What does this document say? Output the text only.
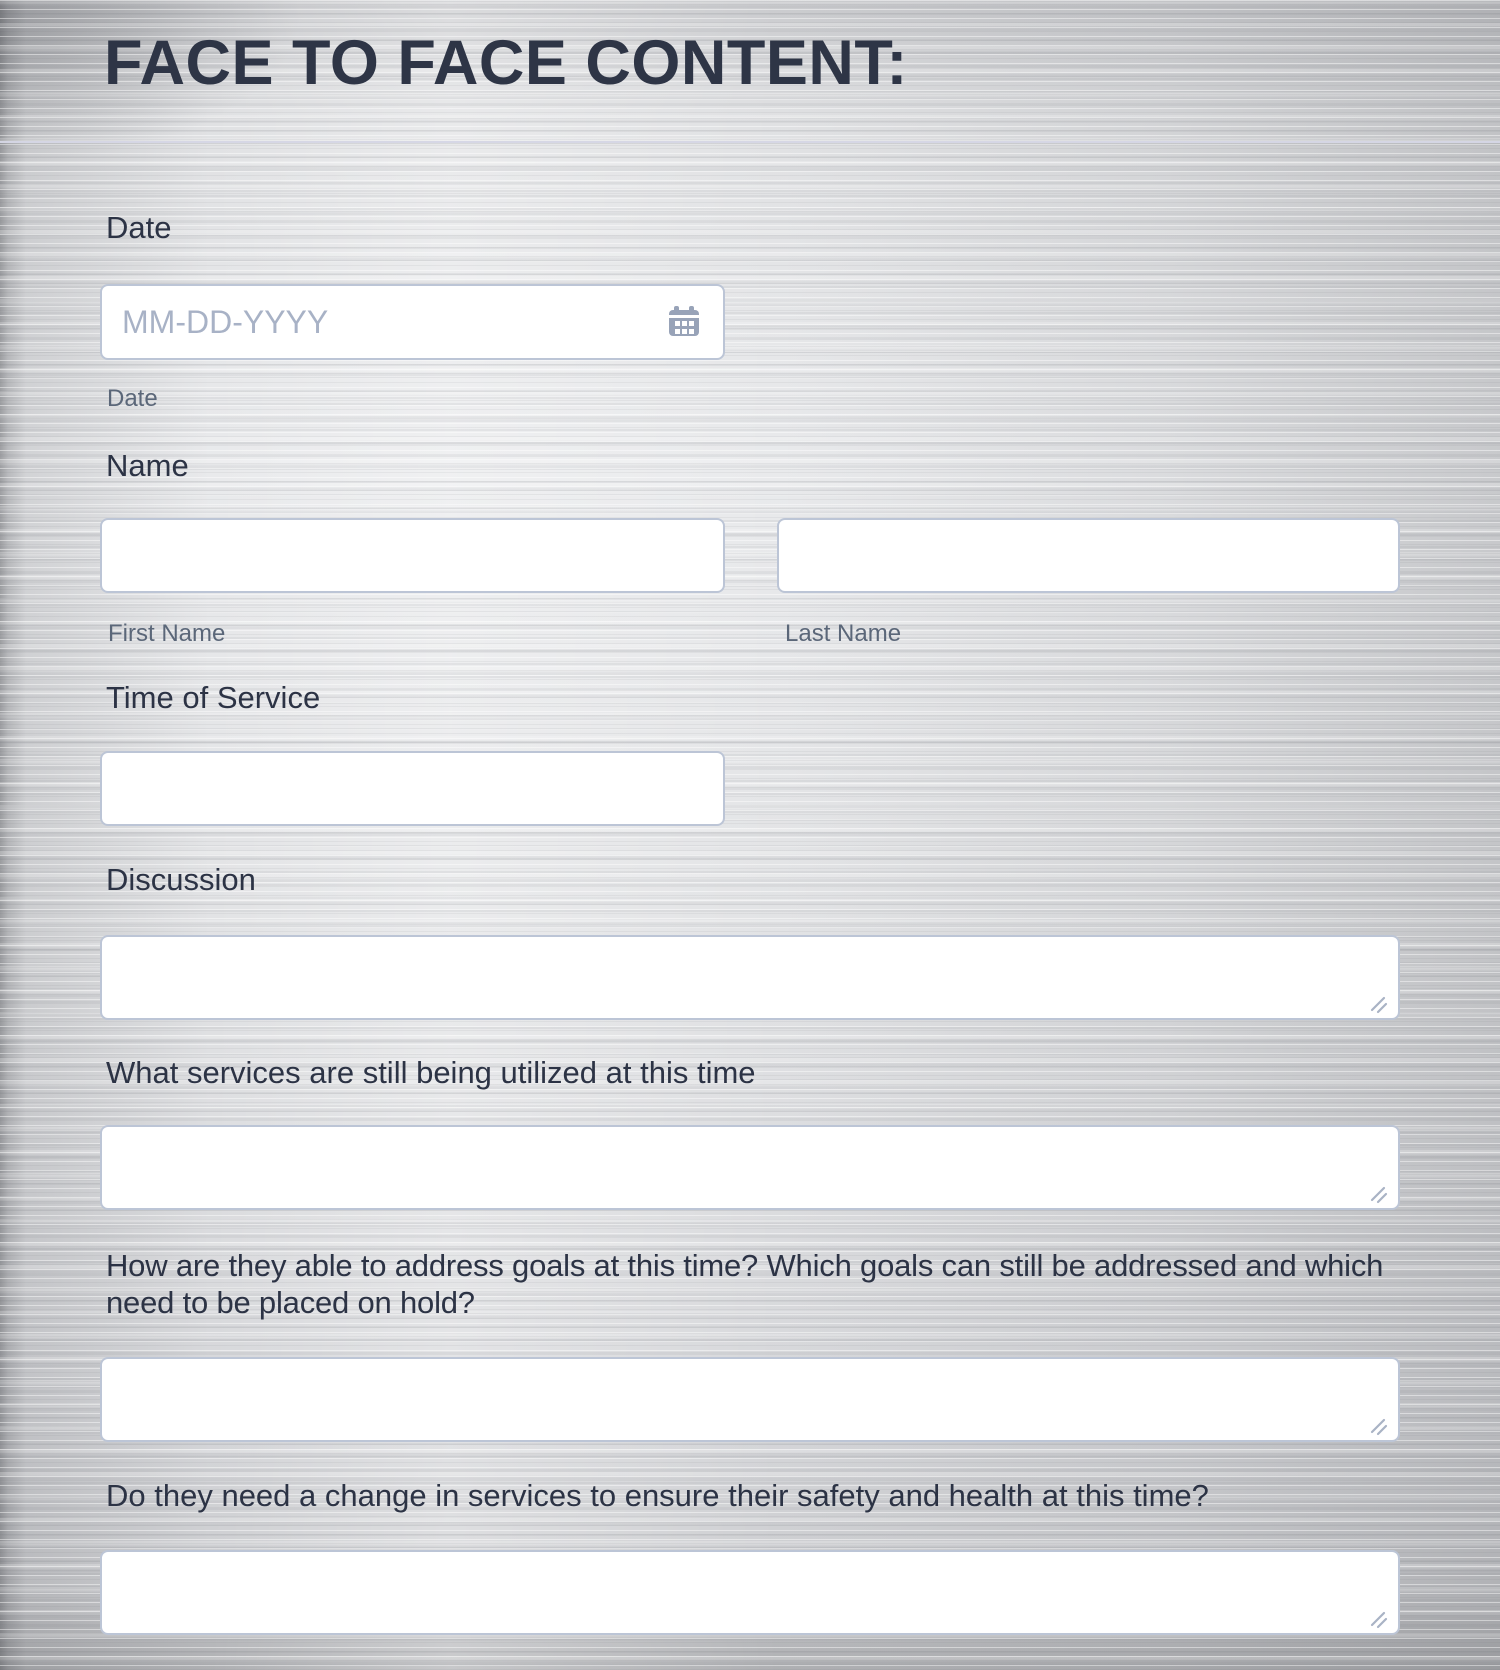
FACE TO FACE CONTENT:
Date
MM-DD-YYYY
Date
Name
First Name	Last Name
Time of Service
Discussion
What services are still being utilized at this time
How are they able to address goals at this time? Which goals can still be addressed and which need to be placed on hold?
Do they need a change in services to ensure their safety and health at this time?
